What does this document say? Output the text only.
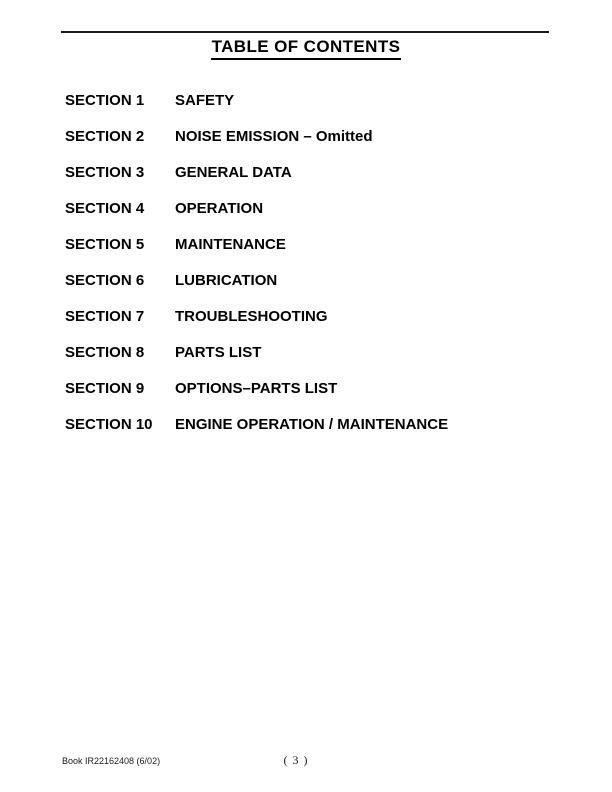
TABLE OF CONTENTS
SECTION 1	SAFETY
SECTION 2	NOISE EMISSION – Omitted
SECTION 3	GENERAL DATA
SECTION 4	OPERATION
SECTION 5	MAINTENANCE
SECTION 6	LUBRICATION
SECTION 7	TROUBLESHOOTING
SECTION 8	PARTS LIST
SECTION 9	OPTIONS–PARTS LIST
SECTION 10	ENGINE OPERATION / MAINTENANCE
Book IR22162408 (6/02)	( 3 )
